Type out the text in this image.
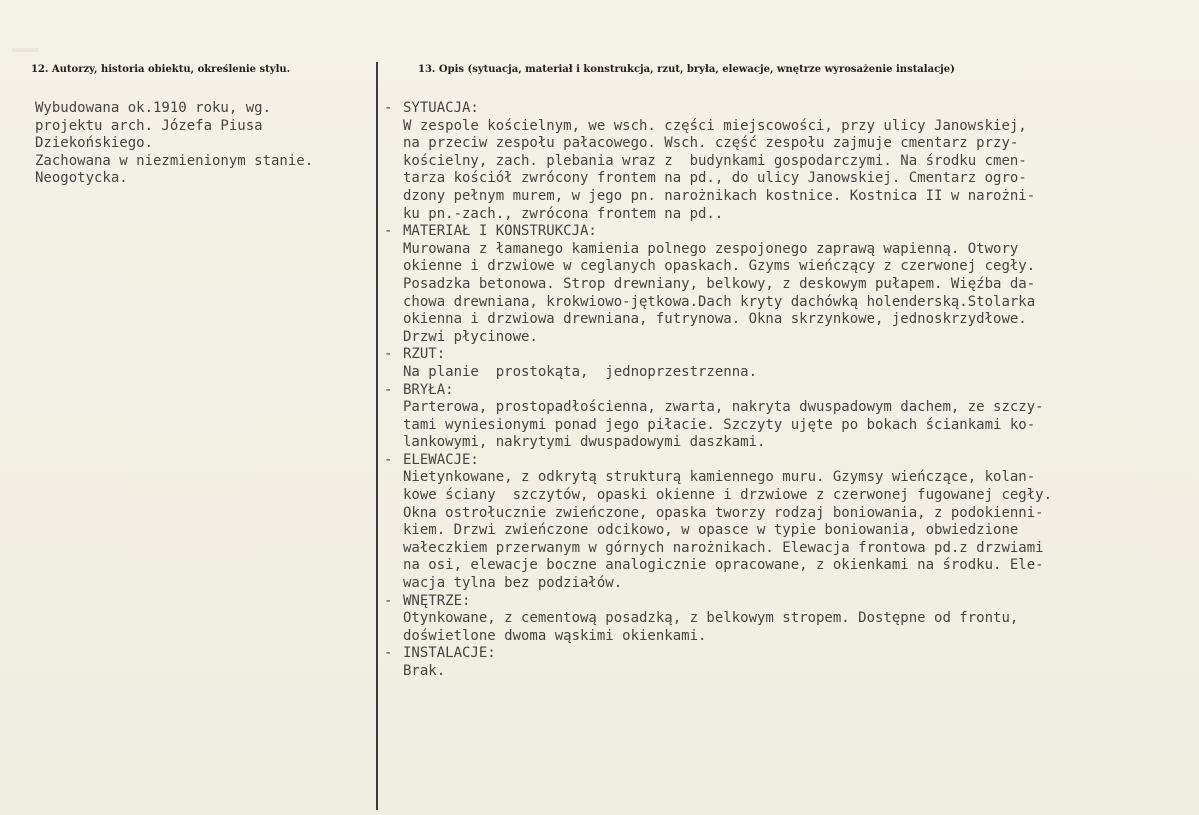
12. Autorzy, historia obiektu, określenie stylu.	13. Opis (sytuacja, materiał i konstrukcja, rzut, bryła, elewacje, wnętrze wyrosażenie instalacje)
Wybudowana ok.1910 roku, wg.
projektu arch. Józefa Piusa
Dziekońskiego.
Zachowana w niezmienionym stanie.
Neogotycka.
- SYTUACJA:
W zespole kościelnym, we wsch. części miejscowości, przy ulicy Janowskiej,
na przeciw zespołu pałacowego. Wsch. część zespołu zajmuje cmentarz przy-
kościelny, zach. plebania wraz z  budynkami gospodarczymi. Na środku cmen-
tarza kościół zwrócony frontem na pd., do ulicy Janowskiej. Cmentarz ogro-
dzony pełnym murem, w jego pn. narożnikach kostnice. Kostnica II w narożni-
ku pn.-zach., zwrócona frontem na pd..
- MATERIAŁ I KONSTRUKCJA:
Murowana z łamanego kamienia polnego zespojonego zaprawą wapienną. Otwory
okienne i drzwiowe w ceglanych opaskach. Gzyms wieńczący z czerwonej cegły.
Posadzka betonowa. Strop drewniany, belkowy, z deskowym pułapem. Więźba da-
chowa drewniana, krokwiowo-jętkowa.Dach kryty dachówką holenderską.Stolarka
okienna i drzwiowa drewniana, futrynowa. Okna skrzynkowe, jednoskrzydłowe.
Drzwi płycinowe.
- RZUT:
Na planie  prostokąta,  jednoprzestrzenna.
- BRYŁA:
Parterowa, prostopadłościenna, zwarta, nakryta dwuspadowym dachem, ze szczy-
tami wyniesionymi ponad jego piłacie. Szczyty ujęte po bokach ściankami ko-
lankowymi, nakrytymi dwuspadowymi daszkami.
- ELEWACJE:
Nietynkowane, z odkrytą strukturą kamiennego muru. Gzymsy wieńczące, kolan-
kowe ściany  szczytów, opaski okienne i drzwiowe z czerwonej fugowanej cegły.
Okna ostrołucznie zwieńczone, opaska tworzy rodzaj boniowania, z podokienni-
kiem. Drzwi zwieńczone odcikowo, w opasce w typie boniowania, obwiedzione
wałeczkiem przerwanym w górnych narożnikach. Elewacja frontowa pd.z drzwiami
na osi, elewacje boczne analogicznie opracowane, z okienkami na środku. Ele-
wacja tylna bez podziałów.
- WNĘTRZE:
Otynkowane, z cementową posadzką, z belkowym stropem. Dostępne od frontu,
doświetlone dwoma wąskimi okienkami.
- INSTALACJE:
Brak.
